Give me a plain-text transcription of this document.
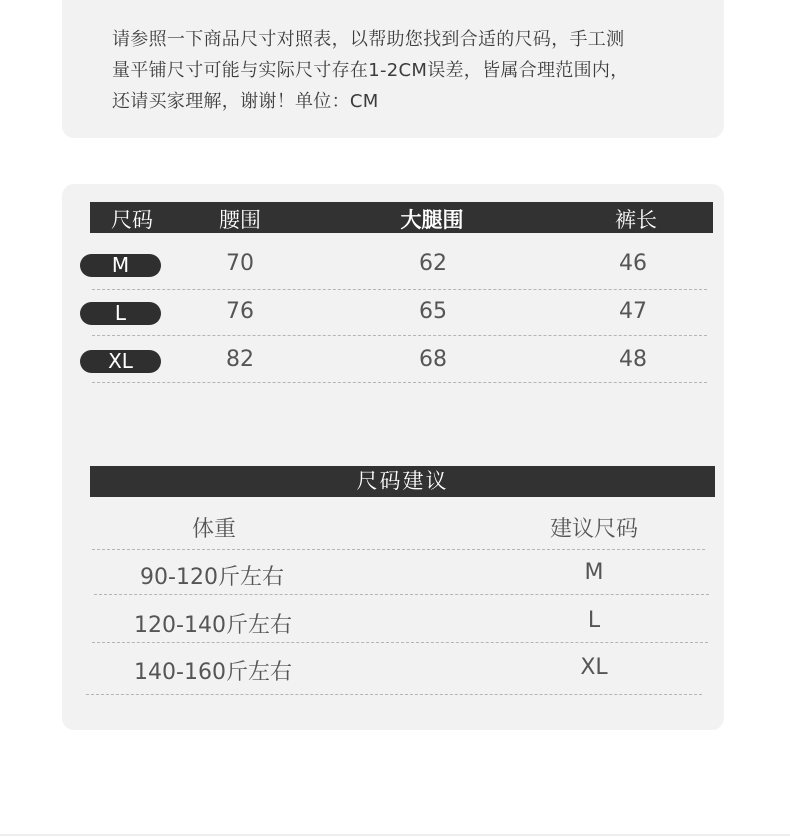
请参照一下商品尺寸对照表，以帮助您找到合适的尺码，手工测
量平铺尺寸可能与实际尺寸存在1-2CM误差，皆属合理范围内，
还请买家理解，谢谢！单位：CM
尺码	腰围	大腿围	裤长
M	70	62	46
L	76	65	47
XL	82	68	48
尺码建议
体重	建议尺码
90-120斤左右	M
120-140斤左右	L
140-160斤左右	XL
